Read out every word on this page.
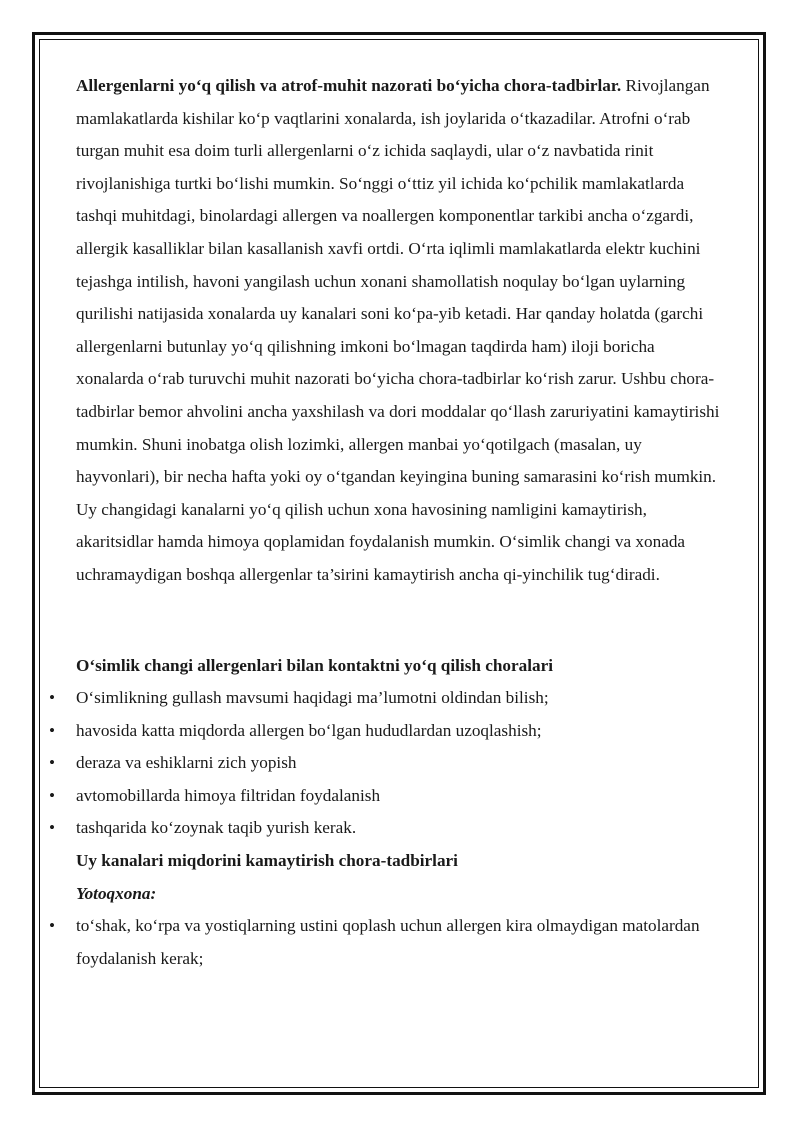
Allergenlarni yo‘q qilish va atrof-muhit nazorati bo‘yicha chora-tadbirlar. Rivojlangan mamlakatlarda kishilar ko‘p vaqtlarini xonalarda, ish joylarida o‘tkazadilar. Atrofni o‘rab turgan muhit esa doim turli allergenlarni o‘z ichida saqlaydi, ular o‘z navbatida rinit rivojlanishiga turtki bo‘lishi mumkin. So‘nggi o‘ttiz yil ichida ko‘pchilik mamlakatlarda tashqi muhitdagi, binolardagi allergen va noallergen komponentlar tarkibi ancha o‘zgardi, allergik kasalliklar bilan kasallanish xavfi ortdi. O‘rta iqlimli mamlakatlarda elektr kuchini tejashga intilish, havoni yangilash uchun xonani shamollatish noqulay bo‘lgan uylarning qurilishi natijasida xonalarda uy kanalari soni ko‘pa-yib ketadi. Har qanday holatda (garchi allergenlarni butunlay yo‘q qilishning imkoni bo‘lmagan taqdirda ham) iloji boricha xonalarda o‘rab turuvchi muhit nazorati bo‘yicha chora-tadbirlar ko‘rish zarur. Ushbu chora-tadbirlar bemor ahvolini ancha yaxshilash va dori moddalar qo‘llash zaruriyatini kamaytirishi mumkin. Shuni inobatga olish lozimki, allergen manbai yo‘qotilgach (masalan, uy hayvonlari), bir necha hafta yoki oy o‘tgandan keyingina buning samarasini ko‘rish mumkin. Uy changidagi kanalarni yo‘q qilish uchun xona havosining namligini kamaytirish, akaritsidlar hamda himoya qoplamidan foydalanish mumkin. O‘simlik changi va xonada uchramaydigan boshqa allergenlar ta’sirini kamaytirish ancha qi-yinchilik tug‘diradi.

O‘simlik changi allergenlari bilan kontaktni yo‘q qilish choralari

• O‘simlikning gullash mavsumi haqidagi ma’lumotni oldindan bilish;
• havosida katta miqdorda allergen bo‘lgan hududlardan uzoqlashish;
• deraza va eshiklarni zich yopish
• avtomobillarda himoya filtridan foydalanish
• tashqarida ko‘zoynak taqib yurish kerak.

Uy kanalari miqdorini kamaytirish chora-tadbirlari

Yotoqxona:

• to‘shak, ko‘rpa va yostiqlarning ustini qoplash uchun allergen kira olmaydigan matolardan foydalanish kerak;
